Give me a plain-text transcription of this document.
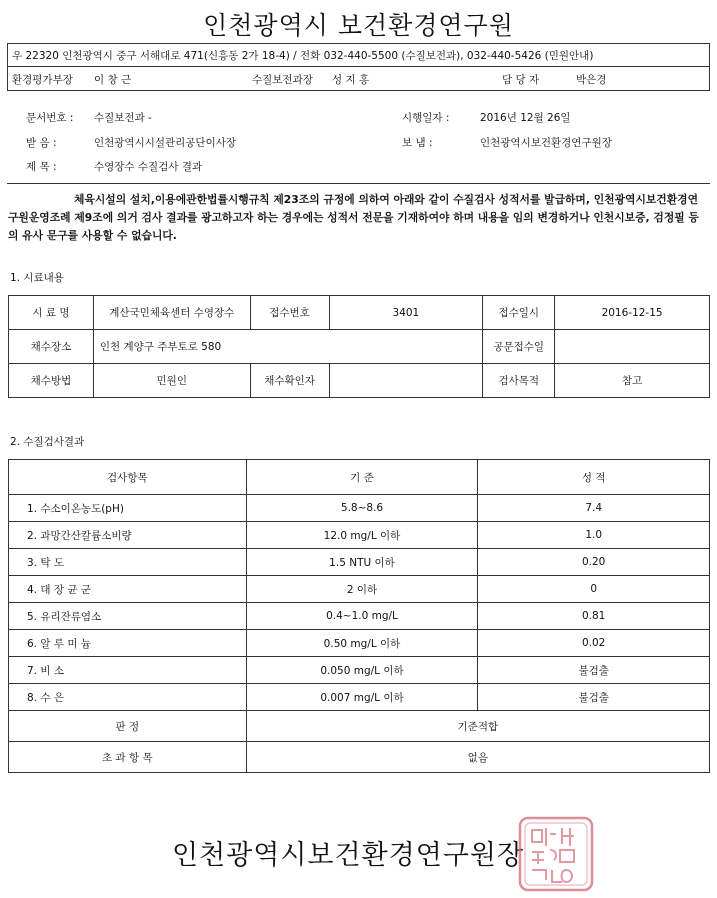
인천광역시 보건환경연구원
우 22320 인천광역시 중구 서해대로 471(신흥동 2가 18-4) / 전화 032-440-5500 (수질보전과), 032-440-5426 (민원안내)
환경평가부장 이 창 근	수질보전과장 성 지 홍	담 당 자	박은경
문서번호 : 수질보전과 -	시행일자 :	2016년 12월 26일
받 음 :	인천광역시시설관리공단이사장	보 냄 :	인천광역시보건환경연구원장
제 목 :	수영장수 수질검사 결과
체육시설의 설치,이용에관한법률시행규칙 제23조의 규정에 의하여 아래와 같이 수질검사 성적서를 발급하며, 인천광역시보건환경연구원운영조례 제9조에 의거 검사 결과를 광고하고자 하는 경우에는 성적서 전문을 기재하여야 하며 내용을 임의 변경하거나 인천시보증, 검정필 등의 유사 문구를 사용할 수 없습니다.
1. 시료내용
시 료 명	계산국민체육센터 수영장수	접수번호	3401	접수일시	2016-12-15
채수장소	인천 계양구 주부토로 580			공문접수일	
채수방법	민원인	채수확인자		검사목적	참고
2. 수질검사결과
검사항목	기 준	성 적
1. 수소이온농도(pH)	5.8~8.6	7.4
2. 과망간산칼륨소비량	12.0 mg/L 이하	1.0
3. 탁 도	1.5 NTU 이하	0.20
4. 대 장 균 군	2 이하	0
5. 유리잔류염소	0.4~1.0 mg/L	0.81
6. 알 루 미 늄	0.50 mg/L 이하	0.02
7. 비 소	0.050 mg/L 이하	불검출
8. 수 은	0.007 mg/L 이하	불검출
판 정	기준적합	
초 과 항 목	없음	
인천광역시보건환경연구원장
